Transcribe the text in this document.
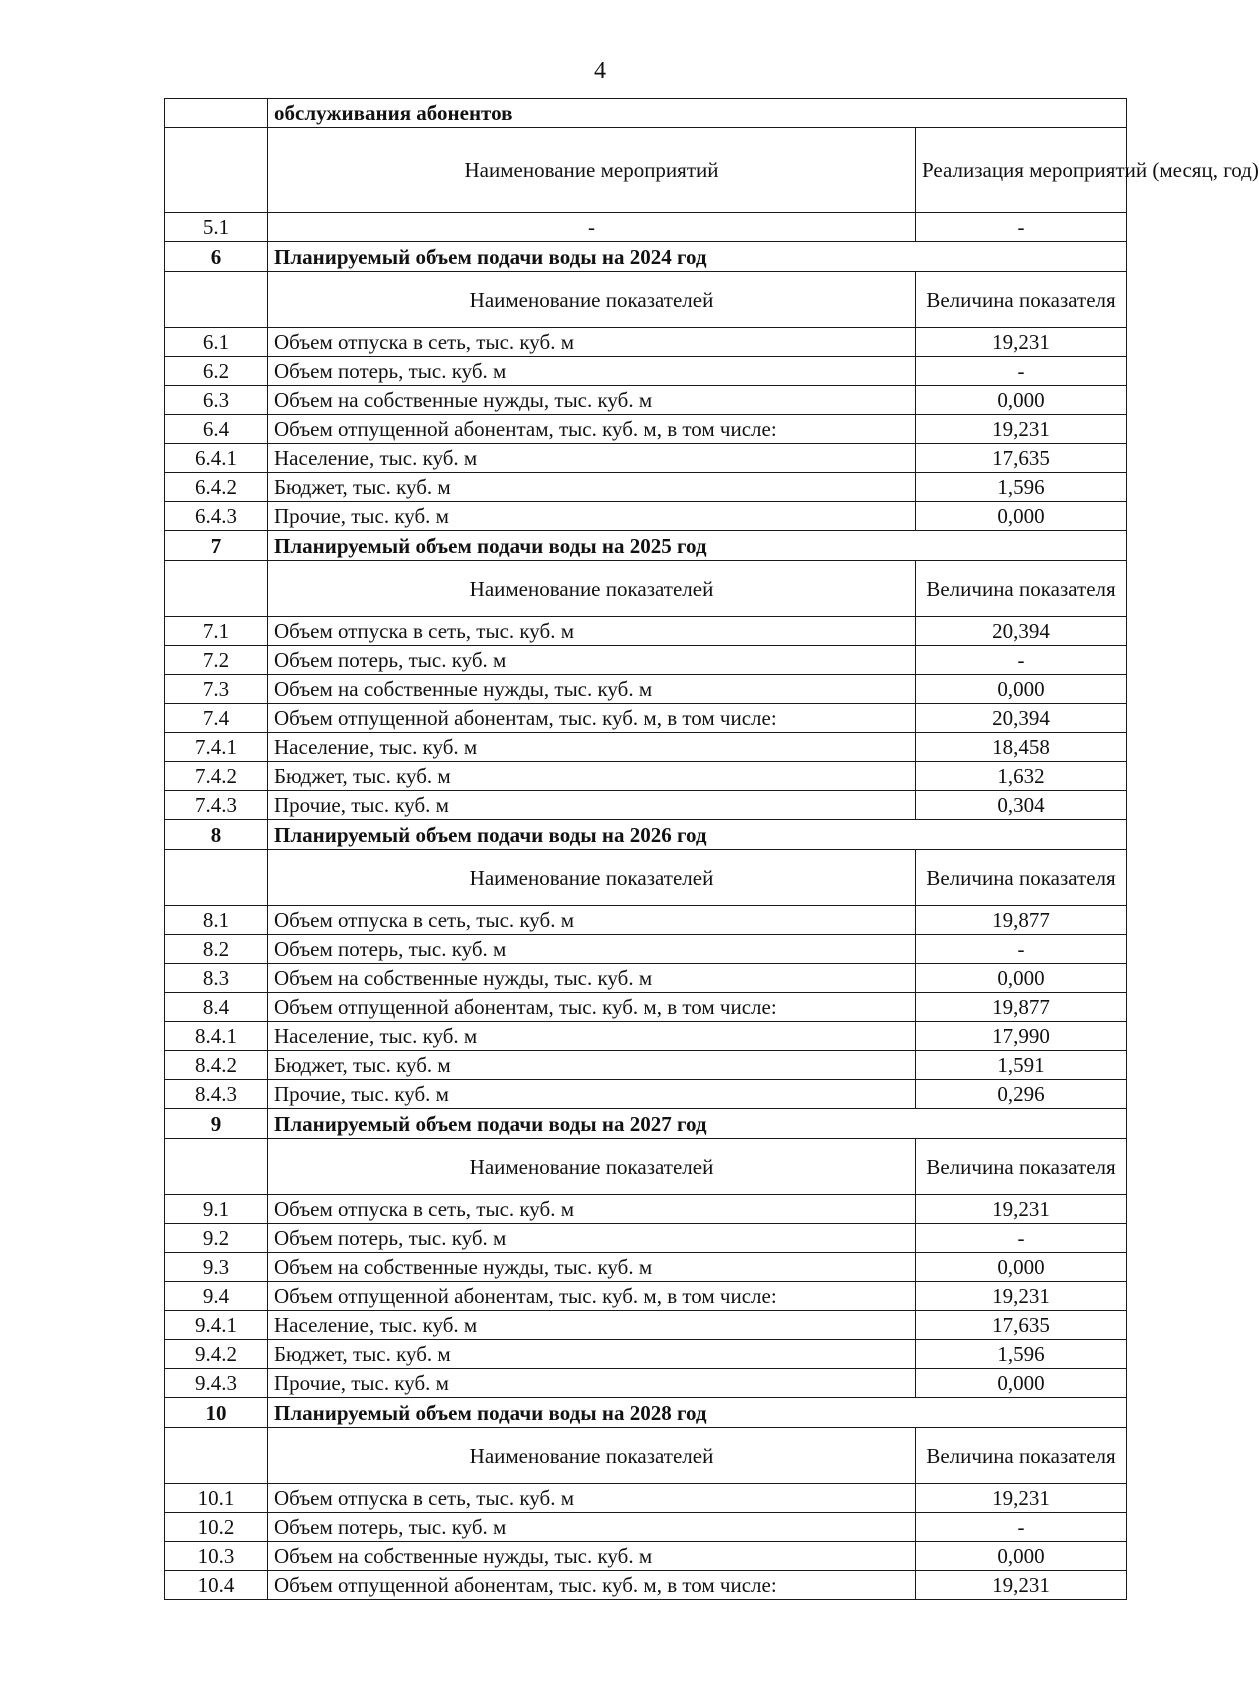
4
	обслуживания абонентов	
	Наименование мероприятий	Реализация мероприятий (месяц, год)
5.1	-	-
6	Планируемый объем подачи воды на 2024 год	
	Наименование показателей	Величина показателя
6.1	Объем отпуска в сеть, тыс. куб. м	19,231
6.2	Объем потерь, тыс. куб. м	-
6.3	Объем на собственные нужды, тыс. куб. м	0,000
6.4	Объем отпущенной абонентам, тыс. куб. м, в том числе:	19,231
6.4.1	Население, тыс. куб. м	17,635
6.4.2	Бюджет, тыс. куб. м	1,596
6.4.3	Прочие, тыс. куб. м	0,000
7	Планируемый объем подачи воды на 2025 год	
	Наименование показателей	Величина показателя
7.1	Объем отпуска в сеть, тыс. куб. м	20,394
7.2	Объем потерь, тыс. куб. м	-
7.3	Объем на собственные нужды, тыс. куб. м	0,000
7.4	Объем отпущенной абонентам, тыс. куб. м, в том числе:	20,394
7.4.1	Население, тыс. куб. м	18,458
7.4.2	Бюджет, тыс. куб. м	1,632
7.4.3	Прочие, тыс. куб. м	0,304
8	Планируемый объем подачи воды на 2026 год	
	Наименование показателей	Величина показателя
8.1	Объем отпуска в сеть, тыс. куб. м	19,877
8.2	Объем потерь, тыс. куб. м	-
8.3	Объем на собственные нужды, тыс. куб. м	0,000
8.4	Объем отпущенной абонентам, тыс. куб. м, в том числе:	19,877
8.4.1	Население, тыс. куб. м	17,990
8.4.2	Бюджет, тыс. куб. м	1,591
8.4.3	Прочие, тыс. куб. м	0,296
9	Планируемый объем подачи воды на 2027 год	
	Наименование показателей	Величина показателя
9.1	Объем отпуска в сеть, тыс. куб. м	19,231
9.2	Объем потерь, тыс. куб. м	-
9.3	Объем на собственные нужды, тыс. куб. м	0,000
9.4	Объем отпущенной абонентам, тыс. куб. м, в том числе:	19,231
9.4.1	Население, тыс. куб. м	17,635
9.4.2	Бюджет, тыс. куб. м	1,596
9.4.3	Прочие, тыс. куб. м	0,000
10	Планируемый объем подачи воды на 2028 год	
	Наименование показателей	Величина показателя
10.1	Объем отпуска в сеть, тыс. куб. м	19,231
10.2	Объем потерь, тыс. куб. м	-
10.3	Объем на собственные нужды, тыс. куб. м	0,000
10.4	Объем отпущенной абонентам, тыс. куб. м, в том числе:	19,231
